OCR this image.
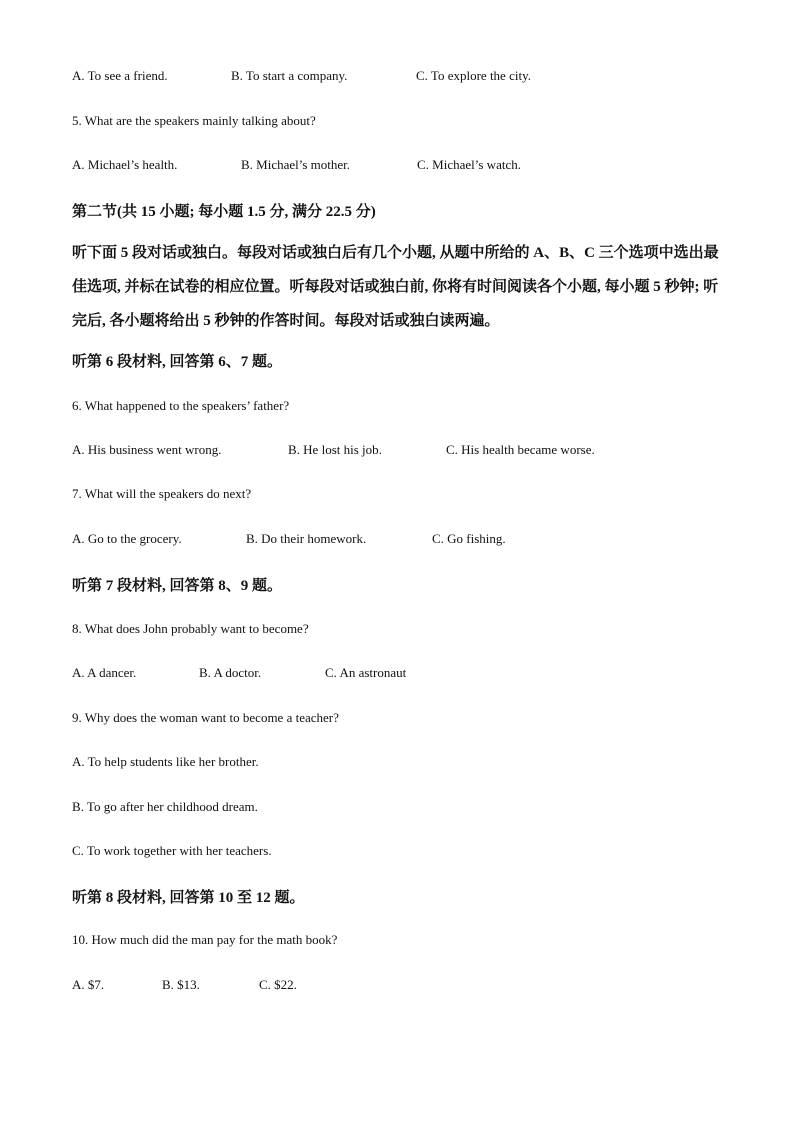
A. To see a friend.	B. To start a company.	C. To explore the city.
5. What are the speakers mainly talking about?
A. Michael’s health.	B. Michael’s mother.	C. Michael’s watch.
第二节(共 15 小题; 每小题 1.5 分, 满分 22.5 分)
听下面 5 段对话或独白。每段对话或独白后有几个小题, 从题中所给的 A、B、C 三个选项中选出最佳选项, 并标在试卷的相应位置。听每段对话或独白前, 你将有时间阅读各个小题, 每小题 5 秒钟; 听完后, 各小题将给出 5 秒钟的作答时间。每段对话或独白读两遍。
听第 6 段材料, 回答第 6、7 题。
6. What happened to the speakers’ father?
A. His business went wrong.	B. He lost his job.	C. His health became worse.
7. What will the speakers do next?
A. Go to the grocery.	B. Do their homework.	C. Go fishing.
听第 7 段材料, 回答第 8、9 题。
8. What does John probably want to become?
A. A dancer.	B. A doctor.	C. An astronaut
9. Why does the woman want to become a teacher?
A. To help students like her brother.
B. To go after her childhood dream.
C. To work together with her teachers.
听第 8 段材料, 回答第 10 至 12 题。
10. How much did the man pay for the math book?
A. $7.	B. $13.	C. $22.
